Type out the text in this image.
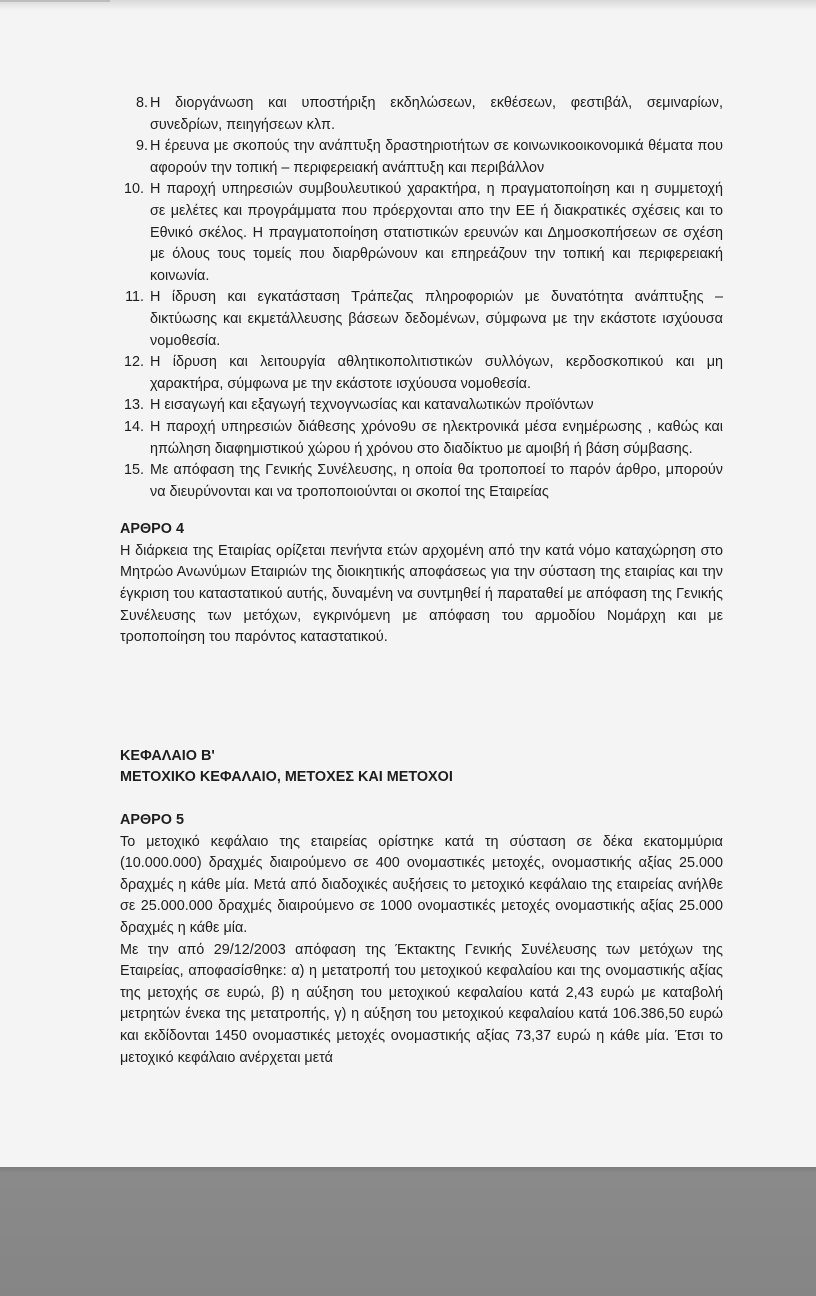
8. Η διοργάνωση και υποστήριξη εκδηλώσεων, εκθέσεων, φεστιβάλ, σεμιναρίων, συνεδρίων, πειηγήσεων κλπ.
9. Η έρευνα με σκοπούς την ανάπτυξη δραστηριοτήτων σε κοινωνικοοικονομικά θέματα που αφορούν την τοπική – περιφερειακή ανάπτυξη και περιβάλλον
10. Η παροχή υπηρεσιών συμβουλευτικού χαρακτήρα, η πραγματοποίηση και η συμμετοχή σε μελέτες και προγράμματα που πρόερχονται απο την ΕΕ ή διακρατικές σχέσεις και το Εθνικό σκέλος. Η πραγματοποίηση στατιστικών ερευνών και Δημοσκοπήσεων σε σχέση με όλους τους τομείς που διαρθρώνουν και επηρεάζουν την τοπική και περιφερειακή κοινωνία.
11. Η ίδρυση και εγκατάσταση Τράπεζας πληροφοριών με δυνατότητα ανάπτυξης – δικτύωσης και εκμετάλλευσης βάσεων δεδομένων, σύμφωνα με την εκάστοτε ισχύουσα νομοθεσία.
12. Η ίδρυση και λειτουργία αθλητικοπολιτιστικών συλλόγων, κερδοσκοπικού και μη χαρακτήρα, σύμφωνα με την εκάστοτε ισχύουσα νομοθεσία.
13. Η εισαγωγή και εξαγωγή τεχνογνωσίας και καταναλωτικών προϊόντων
14. Η παροχή υπηρεσιών διάθεσης χρόνο9υ σε ηλεκτρονικά μέσα ενημέρωσης , καθώς και ηπώληση διαφημιστικού χώρου ή χρόνου στο διαδίκτυο με αμοιβή ή βάση σύμβασης.
15. Με απόφαση της Γενικής Συνέλευσης, η οποία θα τροποποεί το παρόν άρθρο, μπορούν να διευρύνονται και να τροποποιούνται οι σκοποί της Εταιρείας

ΑΡΘΡΟ 4

Η διάρκεια της Εταιρίας ορίζεται πενήντα ετών αρχομένη από την κατά νόμο καταχώρηση στο Μητρώο Ανωνύμων Εταιριών της διοικητικής αποφάσεως για την σύσταση της εταιρίας και την έγκριση του καταστατικού αυτής, δυναμένη να συντμηθεί ή παραταθεί με απόφαση της Γενικής Συνέλευσης των μετόχων, εγκρινόμενη με απόφαση του αρμοδίου Νομάρχη και με τροποποίηση του παρόντος καταστατικού.

ΚΕΦΑΛΑΙΟ Β'

ΜΕΤΟΧΙΚΟ ΚΕΦΑΛΑΙΟ, ΜΕΤΟΧΕΣ ΚΑΙ ΜΕΤΟΧΟΙ

ΑΡΘΡΟ 5

Το μετοχικό κεφάλαιο της εταιρείας ορίστηκε κατά τη σύσταση σε δέκα εκατομμύρια (10.000.000) δραχμές διαιρούμενο σε 400 ονομαστικές μετοχές, ονομαστικής αξίας 25.000 δραχμές η κάθε μία. Μετά από διαδοχικές αυξήσεις το μετοχικό κεφάλαιο της εταιρείας ανήλθε σε 25.000.000 δραχμές διαιρούμενο σε 1000 ονομαστικές μετοχές ονομαστικής αξίας 25.000 δραχμές η κάθε μία.

Με την από 29/12/2003 απόφαση της Έκτακτης Γενικής Συνέλευσης των μετόχων της Εταιρείας, αποφασίσθηκε: α) η μετατροπή του μετοχικού κεφαλαίου και της ονομαστικής αξίας της μετοχής σε ευρώ, β) η αύξηση του μετοχικού κεφαλαίου κατά 2,43 ευρώ με καταβολή μετρητών ένεκα της μετατροπής, γ) η αύξηση του μετοχικού κεφαλαίου κατά 106.386,50 ευρώ και εκδίδονται 1450 ονομαστικές μετοχές ονομαστικής αξίας 73,37 ευρώ η κάθε μία. Έτσι το μετοχικό κεφάλαιο ανέρχεται μετά
